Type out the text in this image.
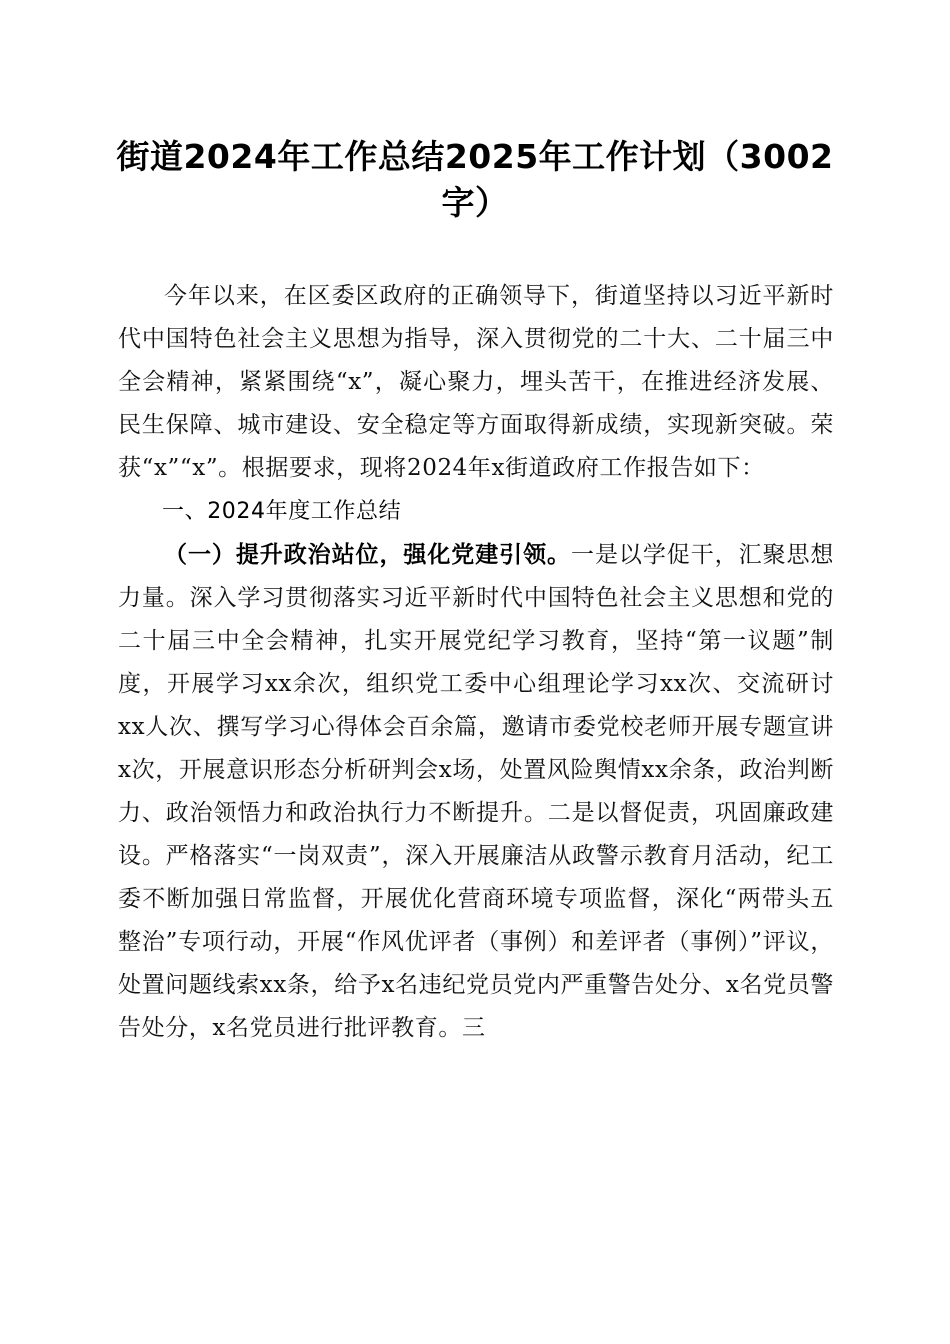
街道2024年工作总结2025年工作计划（3002字）

今年以来，在区委区政府的正确领导下，街道坚持以习近平新时代中国特色社会主义思想为指导，深入贯彻党的二十大、二十届三中全会精神，紧紧围绕“x”，凝心聚力，埋头苦干，在推进经济发展、民生保障、城市建设、安全稳定等方面取得新成绩，实现新突破。荣获“x”“x”。根据要求，现将2024年x街道政府工作报告如下：

一、2024年度工作总结

（一）提升政治站位，强化党建引领。一是以学促干，汇聚思想力量。深入学习贯彻落实习近平新时代中国特色社会主义思想和党的二十届三中全会精神，扎实开展党纪学习教育，坚持“第一议题”制度，开展学习xx余次，组织党工委中心组理论学习xx次、交流研讨xx人次、撰写学习心得体会百余篇，邀请市委党校老师开展专题宣讲x次，开展意识形态分析研判会x场，处置风险舆情xx余条，政治判断力、政治领悟力和政治执行力不断提升。二是以督促责，巩固廉政建设。严格落实“一岗双责”，深入开展廉洁从政警示教育月活动，纪工委不断加强日常监督，开展优化营商环境专项监督，深化“两带头五整治”专项行动，开展“作风优评者（事例）和差评者（事例）”评议，处置问题线索xx条，给予x名违纪党员党内严重警告处分、x名党员警告处分，x名党员进行批评教育。三
